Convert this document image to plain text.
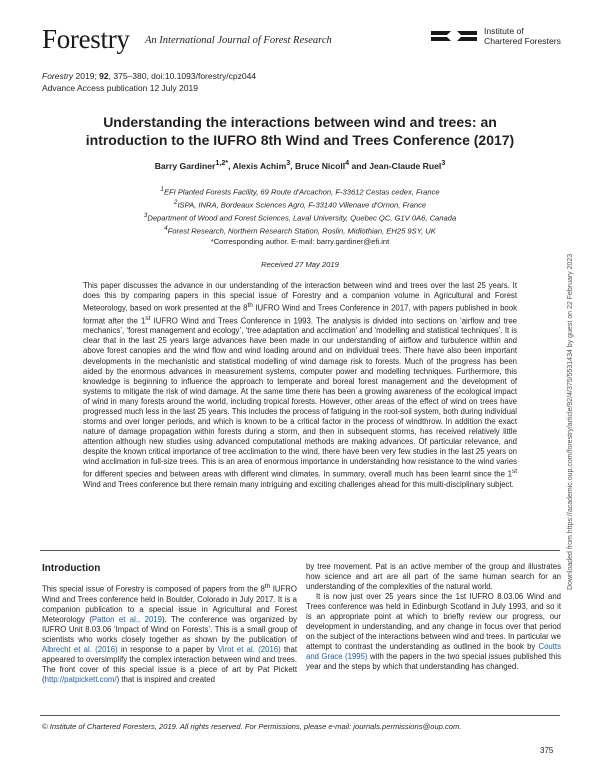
Forestry An International Journal of Forest Research
Institute of
Chartered Foresters
Forestry 2019; 92, 375–380, doi:10.1093/forestry/cpz044
Advance Access publication 12 July 2019
Understanding the interactions between wind and trees: an
introduction to the IUFRO 8th Wind and Trees Conference (2017)
Barry Gardiner$^{1,2*}$, Alexis Achim$^3$, Bruce Nicoll$^4$ and Jean-Claude Ruel$^3$
$^1$EFI Planted Forests Facility, 69 Route d'Arcachon, F-33612 Cestas cedex, France
$^2$ISPA, INRA, Bordeaux Sciences Agro, F-33140 Villenave d'Ornon, France
$^3$Department of Wood and Forest Sciences, Laval University, Quebec QC, G1V 0A6, Canada
$^4$Forest Research, Northern Research Station, Roslin, Midlothian, EH25 9SY, UK
*Corresponding author. E-mail: barry.gardiner@efi.int
Received 27 May 2019
This paper discusses the advance in our understanding of the interaction between wind and trees over the last 25 years. It does this by comparing papers in this special issue of Forestry and a companion volume in Agricultural and Forest Meteorology, based on work presented at the 8th IUFRO Wind and Trees Conference in 2017, with papers published in book format after the 1st IUFRO Wind and Trees Conference in 1993. The analysis is divided into sections on ‘airflow and tree mechanics’, ‘forest management and ecology’, ‘tree adaptation and acclimation’ and ‘modelling and statistical techniques’. It is clear that in the last 25 years large advances have been made in our understanding of airflow and turbulence within and above forest canopies and the wind flow and wind loading around and on individual trees. There have also been important developments in the mechanistic and statistical modelling of wind damage risk to forests. Much of the progress has been aided by the enormous advances in measurement systems, computer power and modelling techniques. Furthermore, this knowledge is beginning to influence the approach to temperate and boreal forest management and the development of systems to mitigate the risk of wind damage. At the same time there has been a growing awareness of the ecological impact of wind in many forests around the world, including tropical forests. However, other areas of the effect of wind on trees have progressed much less in the last 25 years. This includes the process of fatiguing in the root-soil system, both during individual storms and over longer periods, and which is known to be a critical factor in the process of windthrow. In addition the exact nature of damage propagation within forests during a storm, and then in subsequent storms, has received relatively little attention although new studies using advanced computational methods are making advances. Of particular relevance, and despite the known critical importance of tree acclimation to the wind, there have been very few studies in the last 25 years on wind acclimation in full-size trees. This is an area of enormous importance in understanding how resistance to the wind varies for different species and between areas with different wind climates. In summary, overall much has been learnt since the 1st Wind and Trees conference but there remain many intriguing and exciting challenges ahead for this multi-disciplinary subject.
Introduction
This special issue of Forestry is composed of papers from the 8th IUFRO Wind and Trees conference held in Boulder, Colorado in July 2017. It is a companion publication to a special issue in Agricultural and Forest Meteorology (Patton et al., 2019). The conference was organized by IUFRO Unit 8.03.06 ‘Impact of Wind on Forests’. This is a small group of scientists who works closely together as shown by the publication of Albrecht et al. (2016) in response to a paper by Virot et al. (2016) that appeared to oversimplify the complex interaction between wind and trees. The front cover of this special issue is a piece of art by Pat Pickett (http://patpickett.com/) that is inspired and created
by tree movement. Pat is an active member of the group and illustrates how science and art are all part of the same human search for an understanding of the complexities of the natural world.
It is now just over 25 years since the 1st IUFRO 8.03.06 Wind and Trees conference was held in Edinburgh Scotland in July 1993, and so it is an appropriate point at which to briefly review our progress, our development in understanding, and any change in focus over that period on the subject of the interactions between wind and trees. In particular we attempt to contrast the understanding as outlined in the book by Coutts and Grace (1995) with the papers in the two special issues published this year and the steps by which that understanding has changed.
© Institute of Chartered Foresters, 2019. All rights reserved. For Permissions, please e-mail: journals.permissions@oup.com.
375
Downloaded from https://academic.oup.com/forestry/article/92/4/375/5531434 by guest on 22 February 2023
